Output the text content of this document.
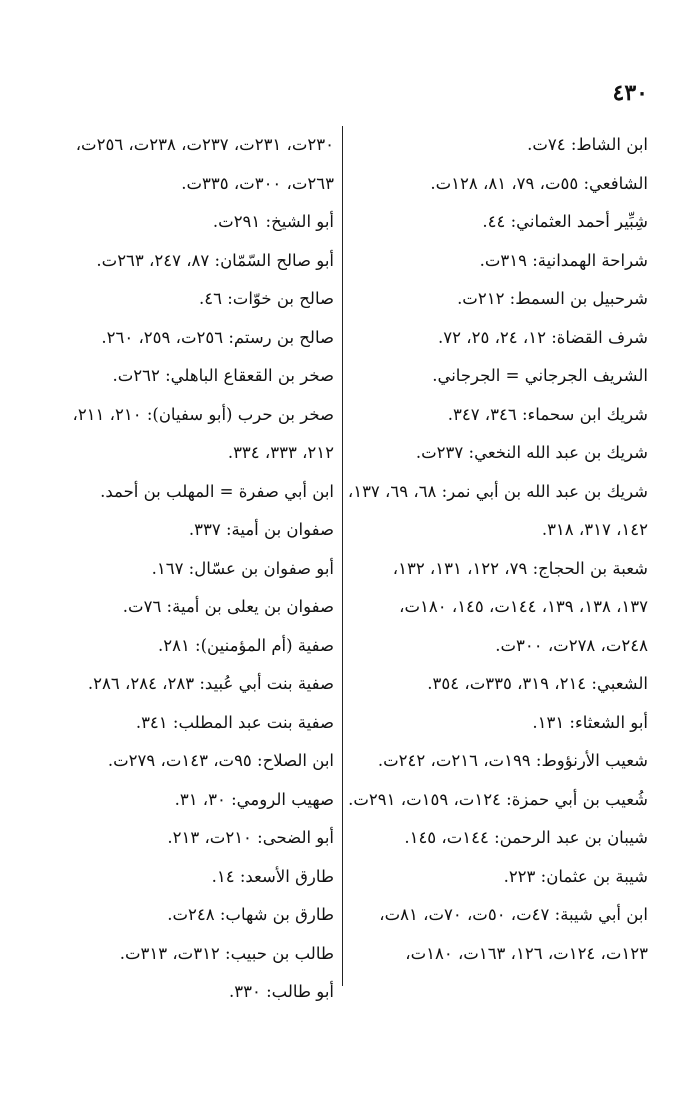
٤٣٠
ابن الشاط: ٧٤ت.
الشافعي: ٥٥ت، ٧٩، ٨١، ١٢٨ت.
شِبِّير أحمد العثماني: ٤٤.
شراحة الهمدانية: ٣١٩ت.
شرحبيل بن السمط: ٢١٢ت.
شرف القضاة: ١٢، ٢٤، ٢٥، ٧٢.
الشريف الجرجاني = الجرجاني.
شريك ابن سحماء: ٣٤٦، ٣٤٧.
شريك بن عبد الله النخعي: ٢٣٧ت.
شريك بن عبد الله بن أبي نمر: ٦٨، ٦٩، ١٣٧،
١٤٢، ٣١٧، ٣١٨.
شعبة بن الحجاج: ٧٩، ١٢٢، ١٣١، ١٣٢،
١٣٧، ١٣٨، ١٣٩، ١٤٤ت، ١٤٥، ١٨٠ت،
٢٤٨ت، ٢٧٨ت، ٣٠٠ت.
الشعبي: ٢١٤، ٣١٩، ٣٣٥ت، ٣٥٤.
أبو الشعثاء: ١٣١.
شعيب الأرنؤوط: ١٩٩ت، ٢١٦ت، ٢٤٢ت.
شُعيب بن أبي حمزة: ١٢٤ت، ١٥٩ت، ٢٩١ت.
شيبان بن عبد الرحمن: ١٤٤ت، ١٤٥.
شيبة بن عثمان: ٢٢٣.
ابن أبي شيبة: ٤٧ت، ٥٠ت، ٧٠ت، ٨١ت،
١٢٣ت، ١٢٤ت، ١٢٦، ١٦٣ت، ١٨٠ت،
٢٣٠ت، ٢٣١ت، ٢٣٧ت، ٢٣٨ت، ٢٥٦ت،
٢٦٣ت، ٣٠٠ت، ٣٣٥ت.
أبو الشيخ: ٢٩١ت.
أبو صالح السّمّان: ٨٧، ٢٤٧، ٢٦٣ت.
صالح بن خوّات: ٤٦.
صالح بن رستم: ٢٥٦ت، ٢٥٩، ٢٦٠.
صخر بن القعقاع الباهلي: ٢٦٢ت.
صخر بن حرب (أبو سفيان): ٢١٠، ٢١١،
٢١٢، ٣٣٣، ٣٣٤.
ابن أبي صفرة = المهلب بن أحمد.
صفوان بن أمية: ٣٣٧.
أبو صفوان بن عسّال: ١٦٧.
صفوان بن يعلى بن أمية: ٧٦ت.
صفية (أم المؤمنين): ٢٨١.
صفية بنت أبي عُبيد: ٢٨٣، ٢٨٤، ٢٨٦.
صفية بنت عبد المطلب: ٣٤١.
ابن الصلاح: ٩٥ت، ١٤٣ت، ٢٧٩ت.
صهيب الرومي: ٣٠، ٣١.
أبو الضحى: ٢١٠ت، ٢١٣.
طارق الأسعد: ١٤.
طارق بن شهاب: ٢٤٨ت.
طالب بن حبيب: ٣١٢ت، ٣١٣ت.
أبو طالب: ٣٣٠.
